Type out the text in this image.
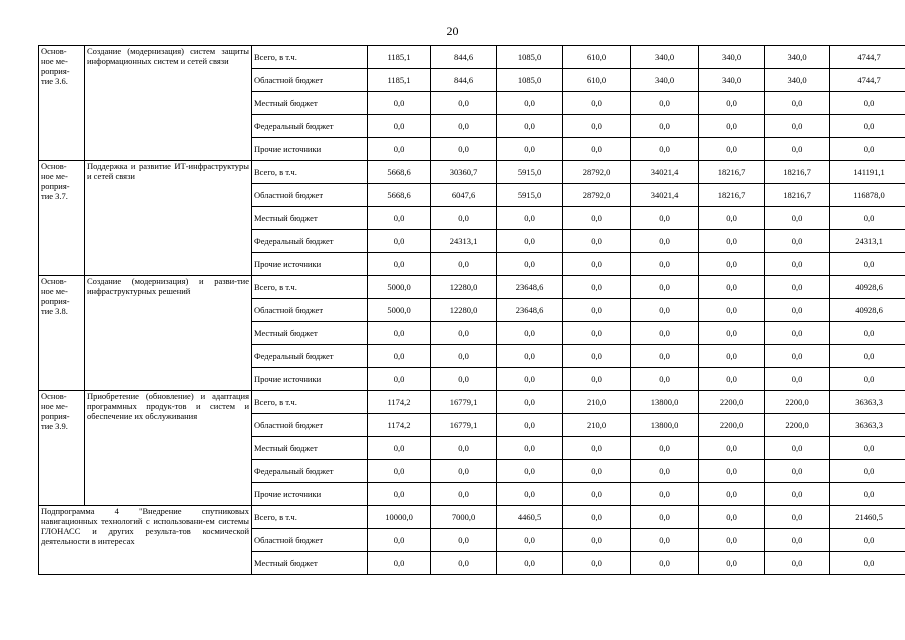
20
Основ-ное ме-роприя-тие 3.6.	Создание (модернизация) систем защиты информационных систем и сетей связи	Всего, в т.ч.	1185,1	844,6	1085,0	610,0	340,0	340,0	340,0	4744,7
		Областной бюджет	1185,1	844,6	1085,0	610,0	340,0	340,0	340,0	4744,7
		Местный бюджет	0,0	0,0	0,0	0,0	0,0	0,0	0,0	0,0
		Федеральный бюджет	0,0	0,0	0,0	0,0	0,0	0,0	0,0	0,0
		Прочие источники	0,0	0,0	0,0	0,0	0,0	0,0	0,0	0,0

Основ-ное ме-роприя-тие 3.7.	Поддержка и развитие ИТ-инфраструктуры и сетей связи	Всего, в т.ч.	5668,6	30360,7	5915,0	28792,0	34021,4	18216,7	18216,7	141191,1
		Областной бюджет	5668,6	6047,6	5915,0	28792,0	34021,4	18216,7	18216,7	116878,0
		Местный бюджет	0,0	0,0	0,0	0,0	0,0	0,0	0,0	0,0
		Федеральный бюджет	0,0	24313,1	0,0	0,0	0,0	0,0	0,0	24313,1
		Прочие источники	0,0	0,0	0,0	0,0	0,0	0,0	0,0	0,0

Основ-ное ме-роприя-тие 3.8.	Создание (модернизация) и разви-тие инфраструктурных решений	Всего, в т.ч.	5000,0	12280,0	23648,6	0,0	0,0	0,0	0,0	40928,6
		Областной бюджет	5000,0	12280,0	23648,6	0,0	0,0	0,0	0,0	40928,6
		Местный бюджет	0,0	0,0	0,0	0,0	0,0	0,0	0,0	0,0
		Федеральный бюджет	0,0	0,0	0,0	0,0	0,0	0,0	0,0	0,0
		Прочие источники	0,0	0,0	0,0	0,0	0,0	0,0	0,0	0,0

Основ-ное ме-роприя-тие 3.9.	Приобретение (обновление) и адаптация программных продук-тов и систем и обеспечение их обслуживания	Всего, в т.ч.	1174,2	16779,1	0,0	210,0	13800,0	2200,0	2200,0	36363,3
		Областной бюджет	1174,2	16779,1	0,0	210,0	13800,0	2200,0	2200,0	36363,3
		Местный бюджет	0,0	0,0	0,0	0,0	0,0	0,0	0,0	0,0
		Федеральный бюджет	0,0	0,0	0,0	0,0	0,0	0,0	0,0	0,0
		Прочие источники	0,0	0,0	0,0	0,0	0,0	0,0	0,0	0,0
Подпрограмма 4 "Внедрение спутниковых навигационных технологий с использовани-ем системы ГЛОНАСС и других результа-тов космической деятельности в интересах		Всего, в т.ч.	10000,0	7000,0	4460,5	0,0	0,0	0,0	0,0	21460,5
		Областной бюджет	0,0	0,0	0,0	0,0	0,0	0,0	0,0	0,0
		Местный бюджет	0,0	0,0	0,0	0,0	0,0	0,0	0,0	0,0
